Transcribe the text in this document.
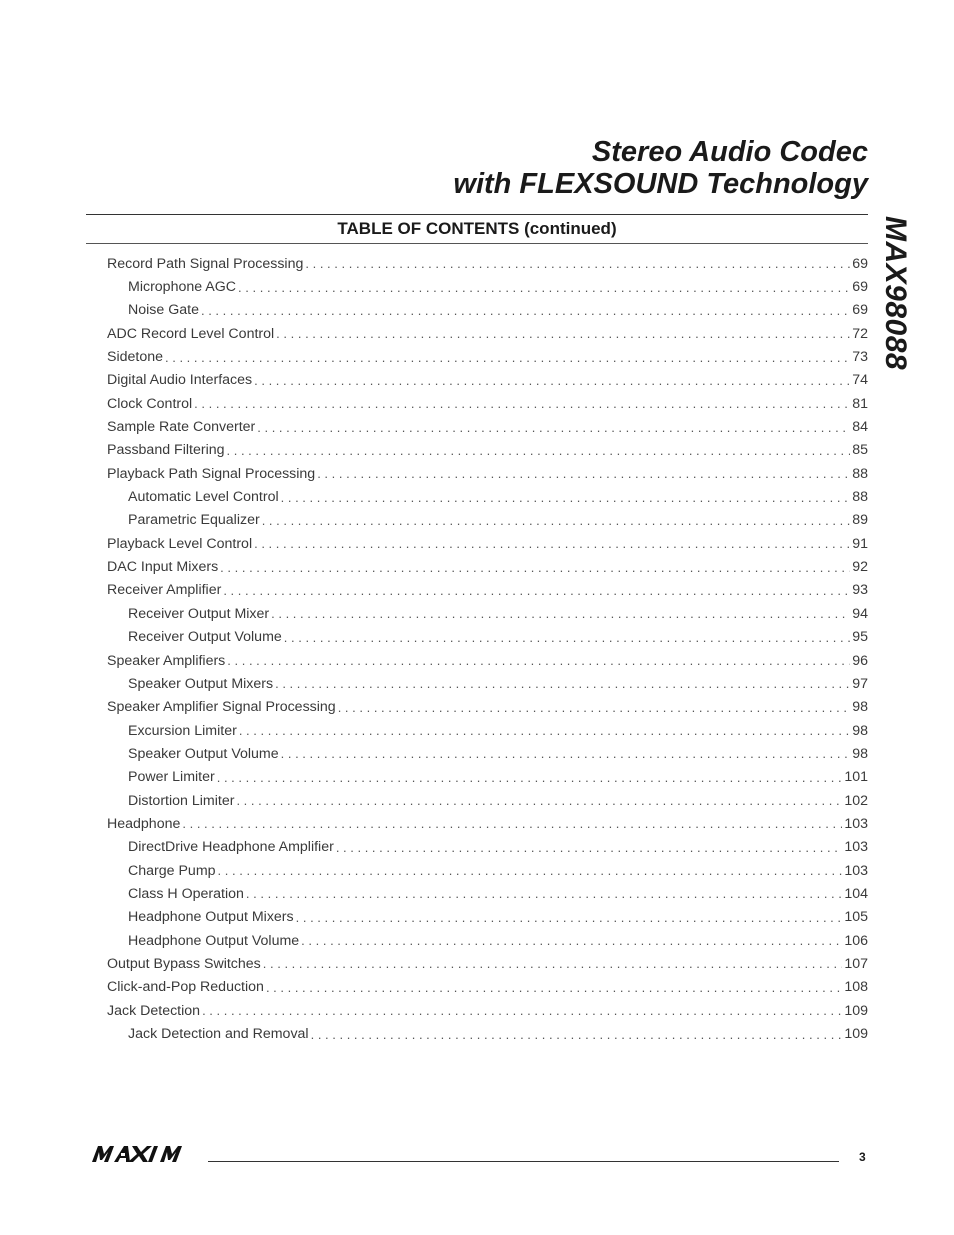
Stereo Audio Codec
with FLEXSOUND Technology
TABLE OF CONTENTS (continued)	MAX98088
Record Path Signal Processing . . .	69
Microphone AGC . . .	69
Noise Gate . . .	69
ADC Record Level Control . . .	72
Sidetone . . .	73
Digital Audio Interfaces . . .	74
Clock Control . . .	81
Sample Rate Converter . . .	84
Passband Filtering . . .	85
Playback Path Signal Processing . . .	88
Automatic Level Control . . .	88
Parametric Equalizer . . .	89
Playback Level Control . . .	91
DAC Input Mixers . . .	92
Receiver Amplifier . . .	93
Receiver Output Mixer . . .	94
Receiver Output Volume . . .	95
Speaker Amplifiers . . .	96
Speaker Output Mixers . . .	97
Speaker Amplifier Signal Processing . . .	98
Excursion Limiter . . .	98
Speaker Output Volume . . .	98
Power Limiter . . .	101
Distortion Limiter . . .	102
Headphone . . .	103
DirectDrive Headphone Amplifier . . .	103
Charge Pump . . .	103
Class H Operation . . .	104
Headphone Output Mixers . . .	105
Headphone Output Volume . . .	106
Output Bypass Switches . . .	107
Click-and-Pop Reduction . . .	108
Jack Detection . . .	109
Jack Detection and Removal . . .	109
3
